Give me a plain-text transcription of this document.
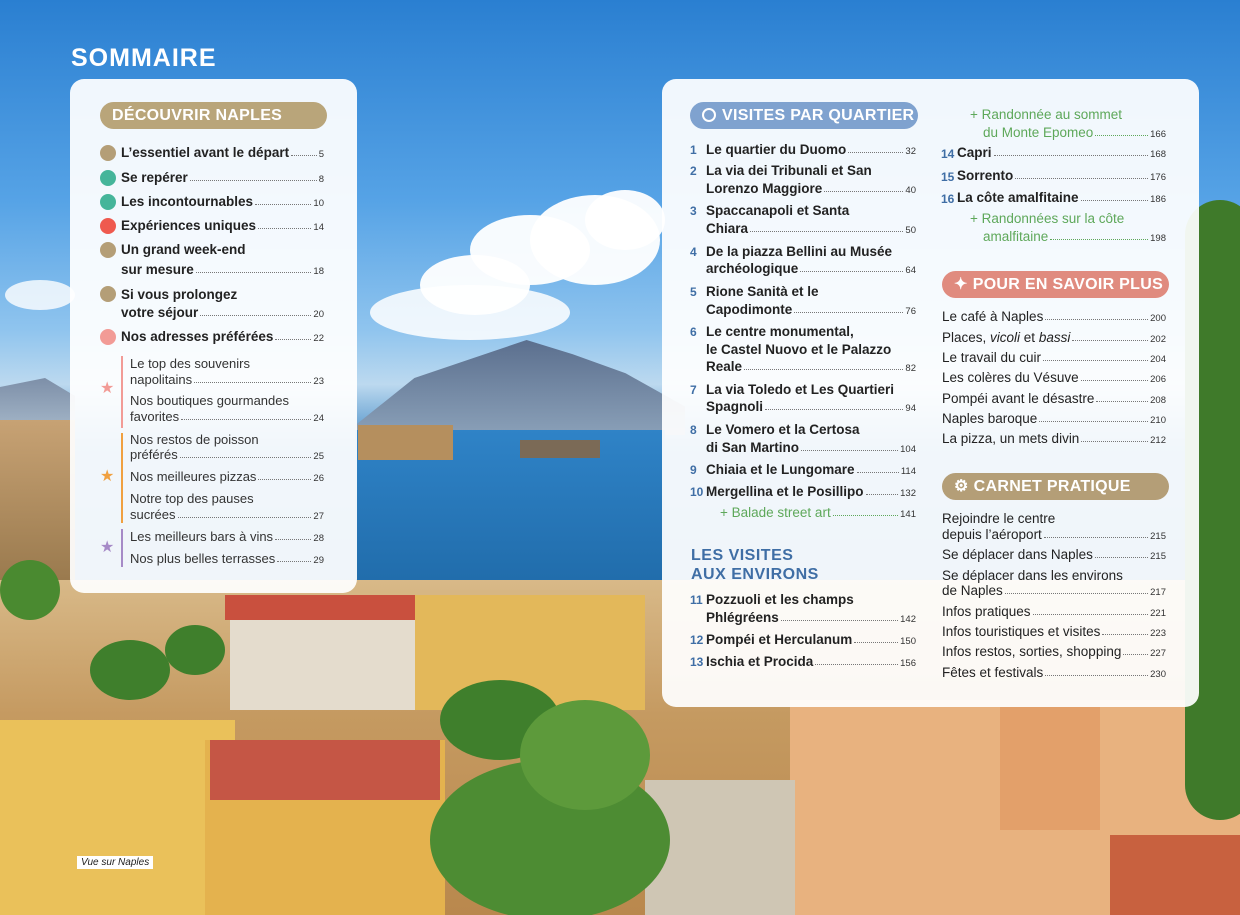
SOMMAIRE
DÉCOUVRIR NAPLES
L’essentiel avant le départ	5
Se repérer	8
Les incontournables	10
Expériences uniques	14
Un grand week-end
sur mesure	18
Si vous prolongez
votre séjour	20
Nos adresses préférées	22
★
Le top des souvenirs
napolitains	23
Nos boutiques gourmandes
favorites	24
★
Nos restos de poisson
préférés	25
Nos meilleures pizzas	26
Notre top des pauses
sucrées	27
★
Les meilleurs bars à vins	28
Nos plus belles terrasses	29
VISITES PAR QUARTIER
1 Le quartier du Duomo	32
2 La via dei Tribunali et San
Lorenzo Maggiore	40
3 Spaccanapoli et Santa
Chiara	50
4 De la piazza Bellini au Musée
archéologique	64
5 Rione Sanità et le
Capodimonte	76
6 Le centre monumental,
le Castel Nuovo et le Palazzo
Reale	82
7 La via Toledo et Les Quartieri
Spagnoli	94
8 Le Vomero et la Certosa
di San Martino	104
9 Chiaia et le Lungomare	114
10 Mergellina et le Posillipo	132
+ Balade street art	141
LES VISITES
AUX ENVIRONS
11 Pozzuoli et les champs
Phlégréens	142
12 Pompéi et Herculanum	150
13 Ischia et Procida	156
+ Randonnée au sommet
du Monte Epomeo	166
14 Capri	168
15 Sorrento	176
16 La côte amalfitaine	186
+ Randonnées sur la côte
amalfitaine	198
✦ POUR EN SAVOIR PLUS
Le café à Naples	200
Places, vicoli et bassi	202
Le travail du cuir	204
Les colères du Vésuve	206
Pompéi avant le désastre	208
Naples baroque	210
La pizza, un mets divin	212
⚙ CARNET PRATIQUE
Rejoindre le centre
depuis l’aéroport	215
Se déplacer dans Naples	215
Se déplacer dans les environs
de Naples	217
Infos pratiques	221
Infos touristiques et visites	223
Infos restos, sorties, shopping	227
Fêtes et festivals	230
Vue sur Naples
